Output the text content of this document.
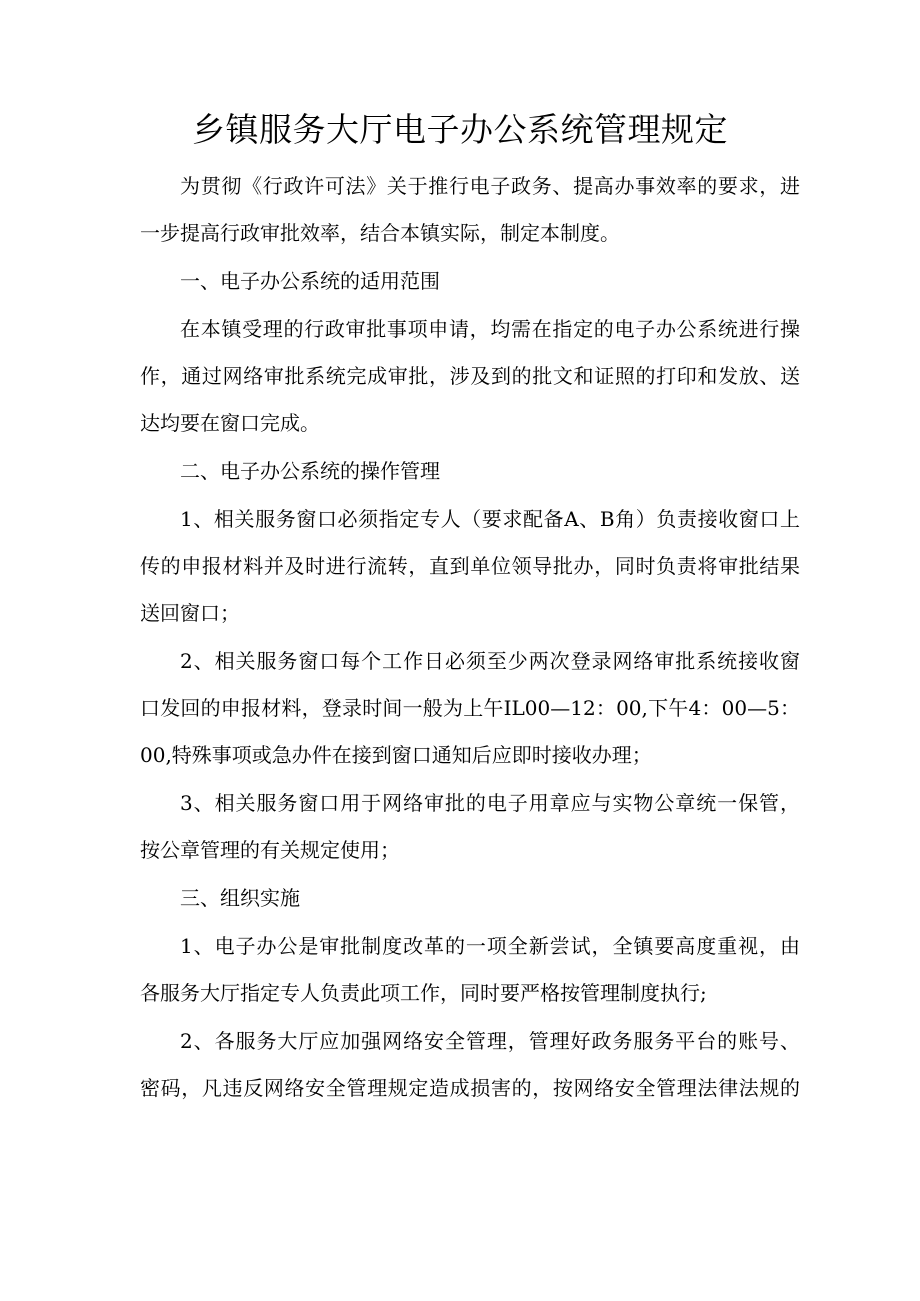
乡镇服务大厅电子办公系统管理规定

为贯彻《行政许可法》关于推行电子政务、提高办事效率的要求，进

一步提高行政审批效率，结合本镇实际，制定本制度。

一、电子办公系统的适用范围

在本镇受理的行政审批事项申请，均需在指定的电子办公系统进行操

作，通过网络审批系统完成审批，涉及到的批文和证照的打印和发放、送

达均要在窗口完成。

二、电子办公系统的操作管理

1、相关服务窗口必须指定专人（要求配备A、B角）负责接收窗口上

传的申报材料并及时进行流转，直到单位领导批办，同时负责将审批结果

送回窗口；

2、相关服务窗口每个工作日必须至少两次登录网络审批系统接收窗

口发回的申报材料，登录时间一般为上午IL00—12：00,下午4：00—5：

00,特殊事项或急办件在接到窗口通知后应即时接收办理；

3、相关服务窗口用于网络审批的电子用章应与实物公章统一保管，

按公章管理的有关规定使用；

三、组织实施

1、电子办公是审批制度改革的一项全新尝试，全镇要高度重视，由

各服务大厅指定专人负责此项工作，同时要严格按管理制度执行;

2、各服务大厅应加强网络安全管理，管理好政务服务平台的账号、

密码，凡违反网络安全管理规定造成损害的，按网络安全管理法律法规的
